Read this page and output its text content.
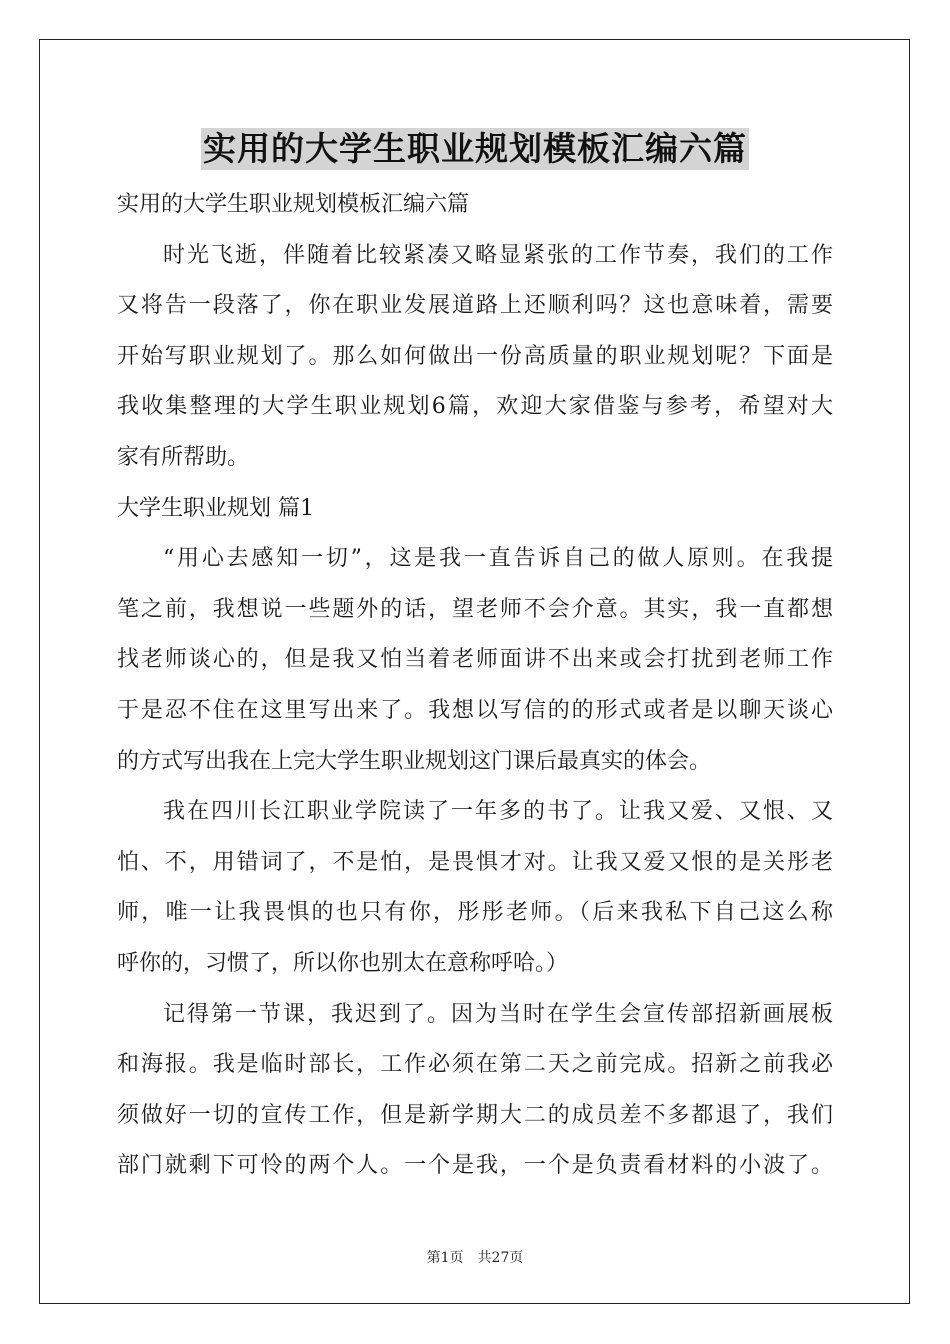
实用的大学生职业规划模板汇编六篇

实用的大学生职业规划模板汇编六篇

时光飞逝，伴随着比较紧凑又略显紧张的工作节奏，我们的工作

又将告一段落了，你在职业发展道路上还顺利吗？这也意味着，需要

开始写职业规划了。那么如何做出一份高质量的职业规划呢？下面是

我收集整理的大学生职业规划6篇，欢迎大家借鉴与参考，希望对大

家有所帮助。

大学生职业规划 篇1

“用心去感知一切”，这是我一直告诉自己的做人原则。在我提

笔之前，我想说一些题外的话，望老师不会介意。其实，我一直都想

找老师谈心的，但是我又怕当着老师面讲不出来或会打扰到老师工作

于是忍不住在这里写出来了。我想以写信的的形式或者是以聊天谈心

的方式写出我在上完大学生职业规划这门课后最真实的体会。

我在四川长江职业学院读了一年多的书了。让我又爱、又恨、又

怕、不，用错词了，不是怕，是畏惧才对。让我又爱又恨的是关彤老

师，唯一让我畏惧的也只有你，彤彤老师。（后来我私下自己这么称

呼你的，习惯了，所以你也别太在意称呼哈。）

记得第一节课，我迟到了。因为当时在学生会宣传部招新画展板

和海报。我是临时部长，工作必须在第二天之前完成。招新之前我必

须做好一切的宣传工作，但是新学期大二的成员差不多都退了，我们

部门就剩下可怜的两个人。一个是我，一个是负责看材料的小波了。

第1页　共27页
